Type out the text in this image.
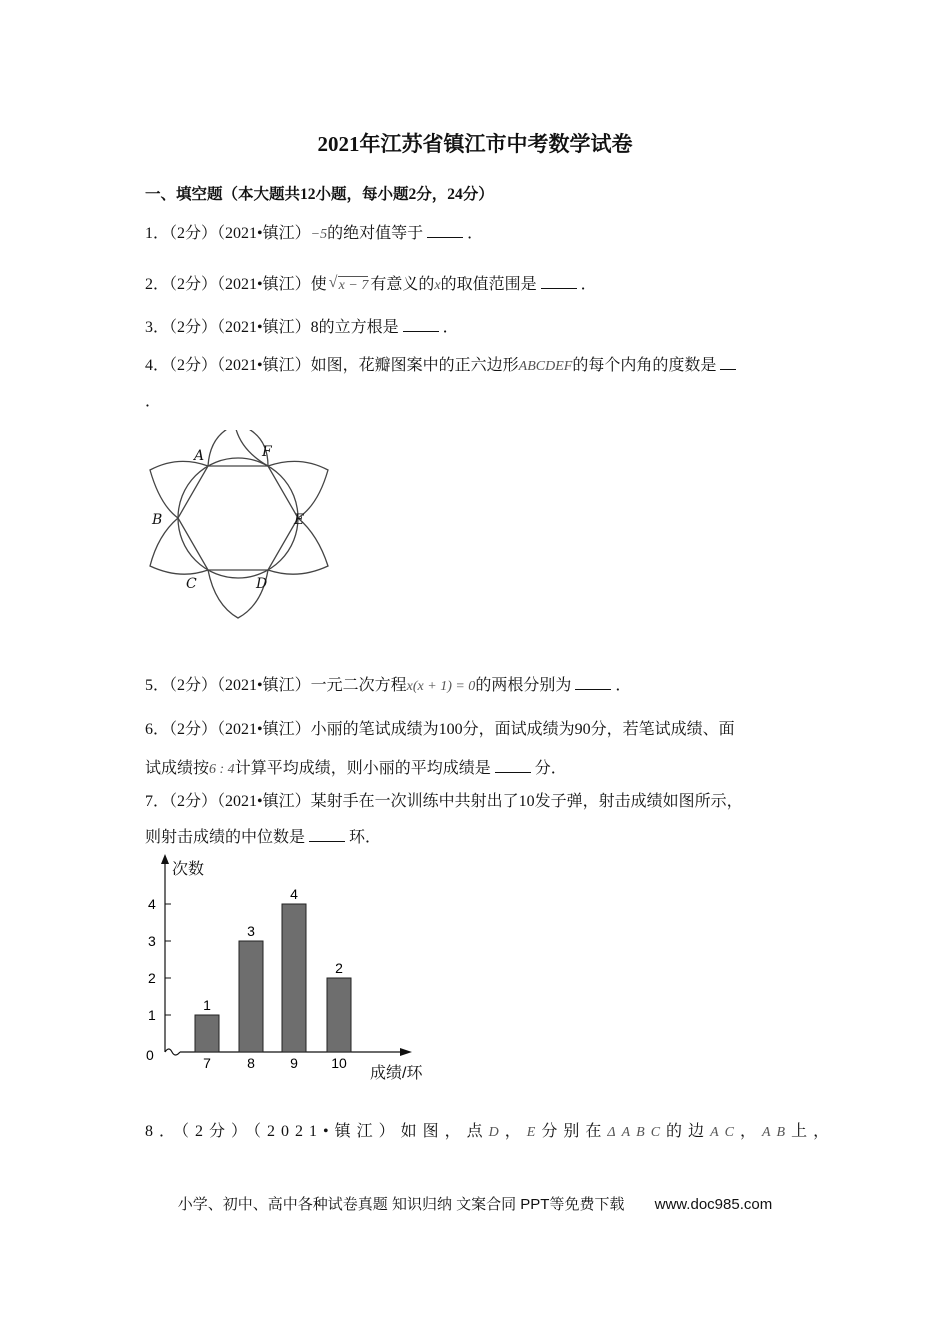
2021年江苏省镇江市中考数学试卷
一、填空题（本大题共12小题，每小题2分，24分）
1．（2分）（2021•镇江）−5的绝对值等于	．
2．（2分）（2021•镇江）使 √ x − 7 有意义的x的取值范围是	．
3．（2分）（2021•镇江）8的立方根是	．
4．（2分）（2021•镇江）如图，花瓣图案中的正六边形ABCDEF的每个内角的度数是
．
A	F
B	E
C	D
5．（2分）（2021•镇江）一元二次方程x(x + 1) = 0的两根分别为	．
6．（2分）（2021•镇江）小丽的笔试成绩为100分，面试成绩为90分，若笔试成绩、面
试成绩按6 : 4计算平均成绩，则小丽的平均成绩是	分．
7．（2分）（2021•镇江）某射手在一次训练中共射出了10发子弹，射击成绩如图所示，
则射击成绩的中位数是	环．
次数
成绩/环
0
1
2
3
4
1
7
3
8
4
9
2
10
8．（2分）（2021•镇江）如图，点D，E分别在ΔABC的边AC，AB上，
小学、初中、高中各种试卷真题 知识归纳 文案合同 PPT等免费下载 www.doc985.com
